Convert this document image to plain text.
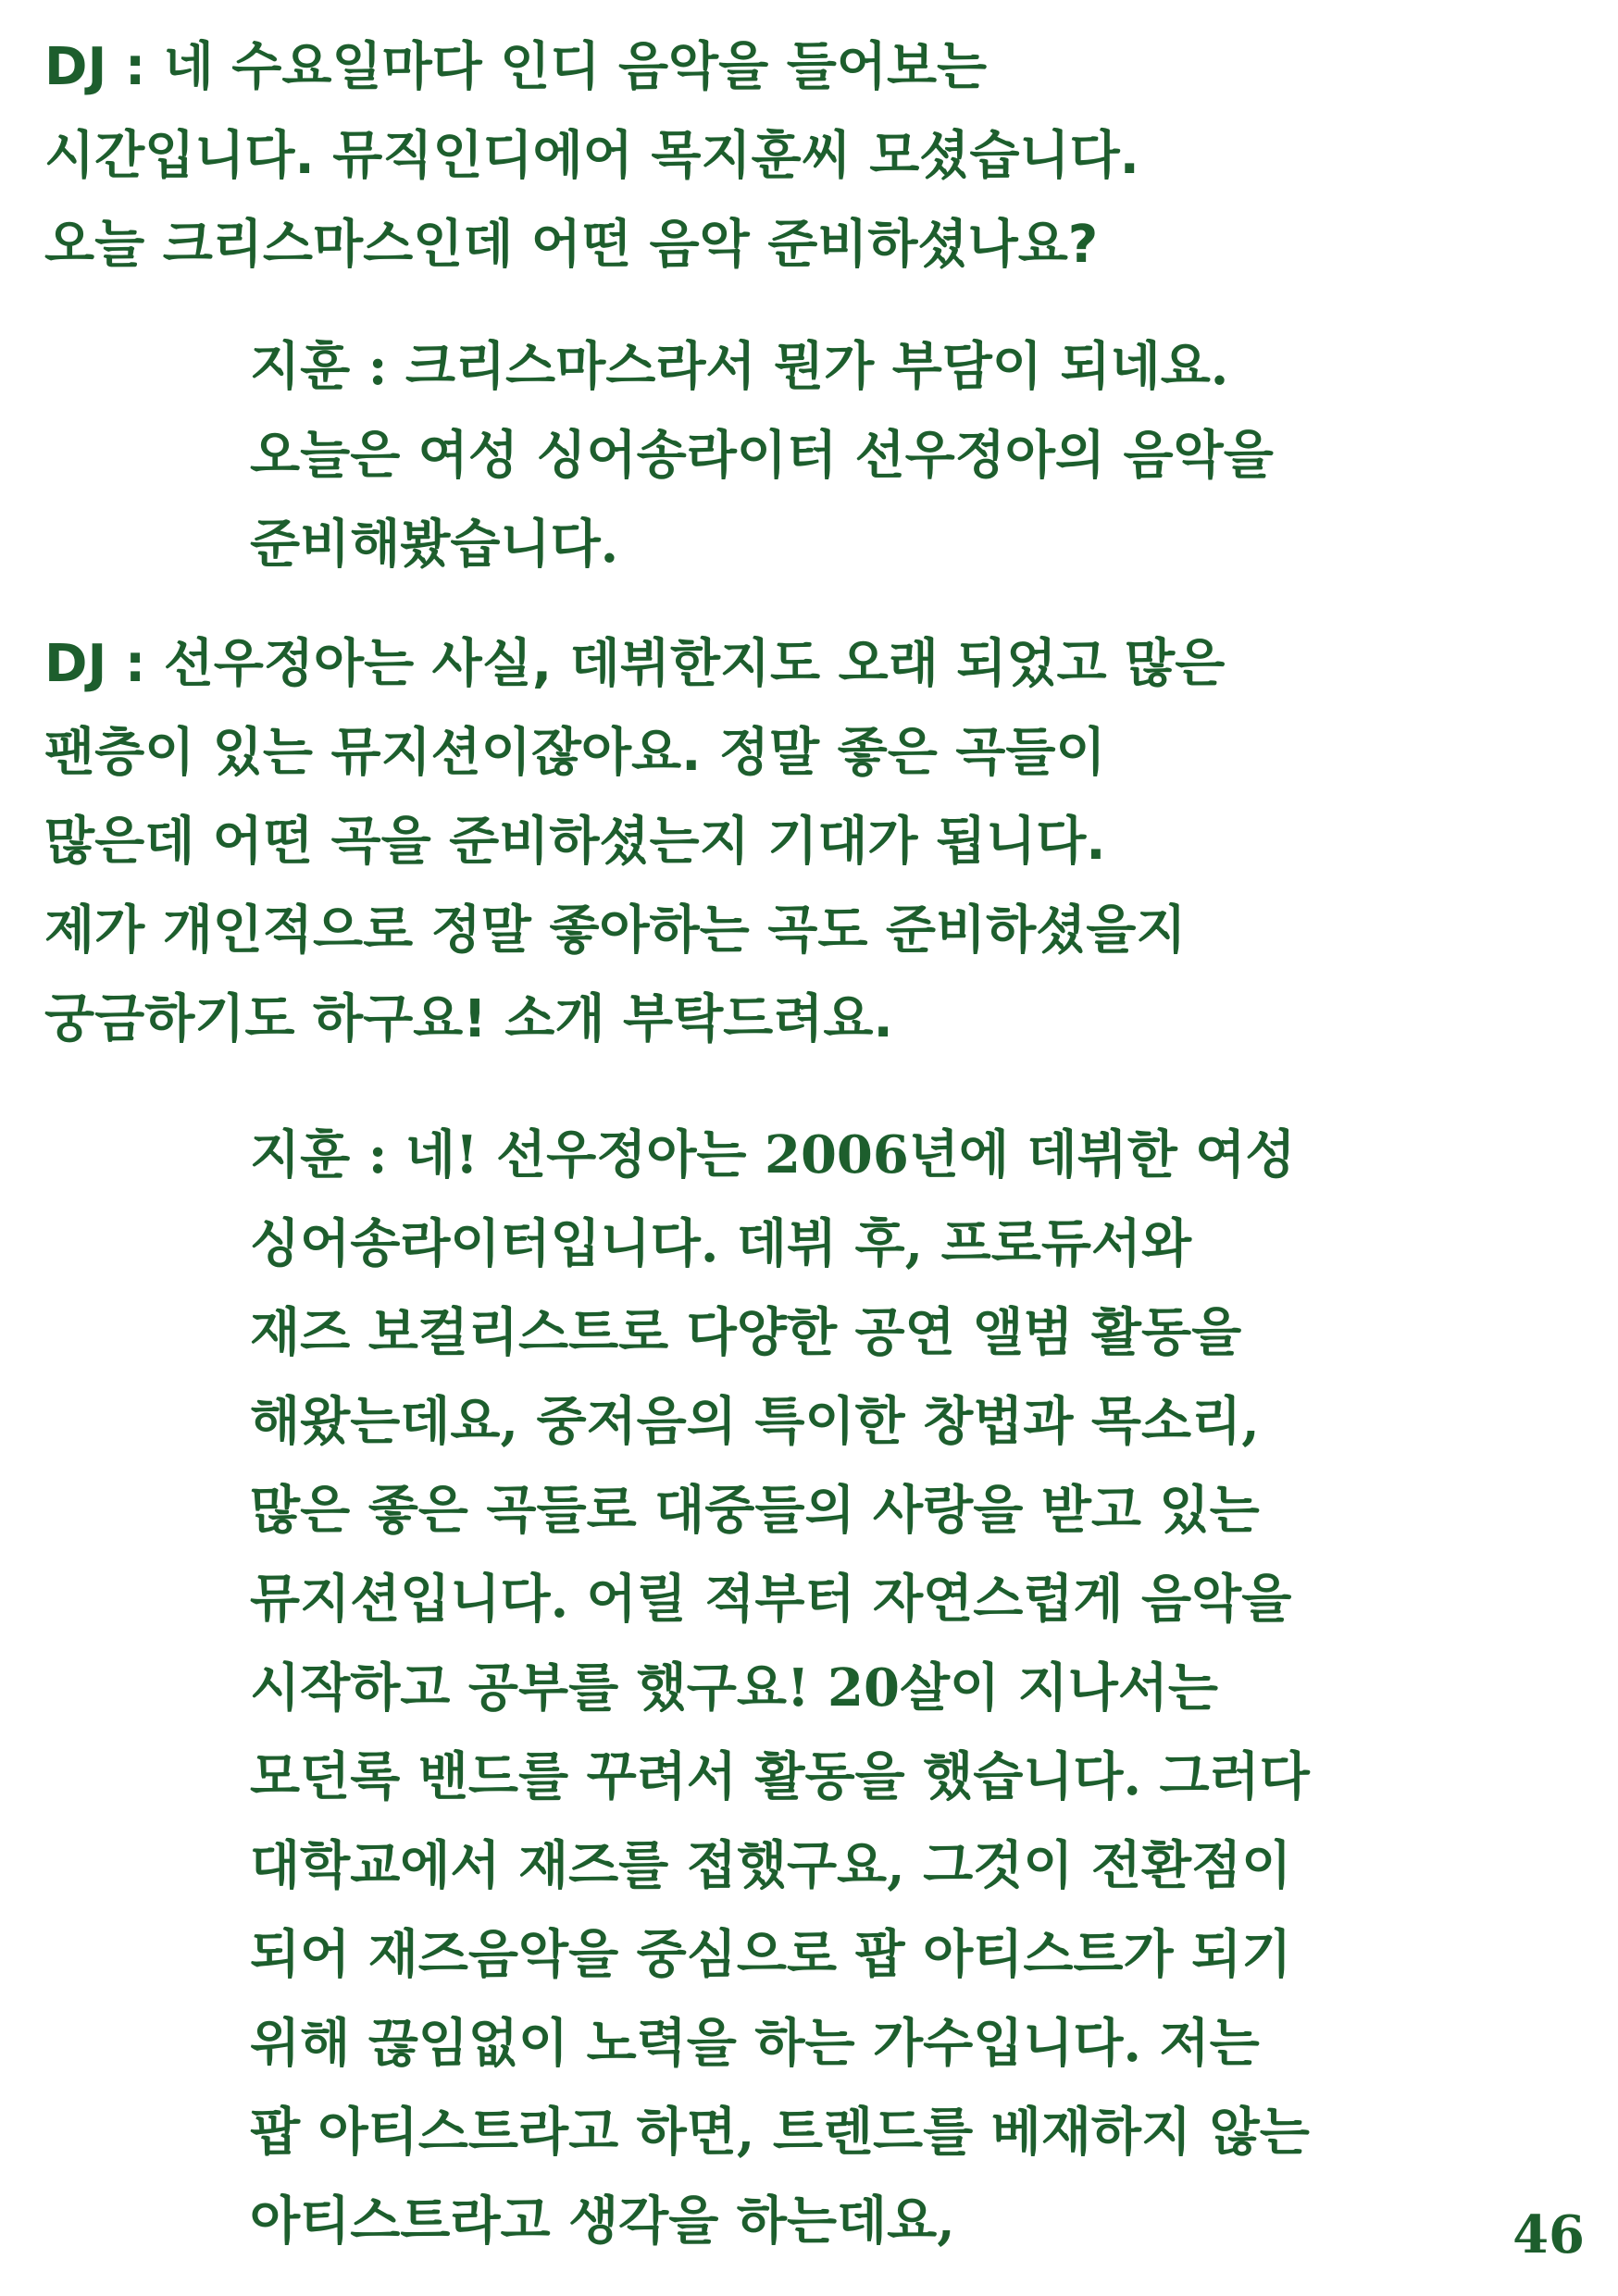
DJ : 네 수요일마다 인디 음악을 들어보는
시간입니다. 뮤직인디에어 목지훈씨 모셨습니다.
오늘 크리스마스인데 어떤 음악 준비하셨나요?

지훈 : 크리스마스라서 뭔가 부담이 되네요.
오늘은 여성 싱어송라이터 선우정아의 음악을
준비해봤습니다.

DJ : 선우정아는 사실, 데뷔한지도 오래 되었고 많은
팬층이 있는 뮤지션이잖아요. 정말 좋은 곡들이
많은데 어떤 곡을 준비하셨는지 기대가 됩니다.
제가 개인적으로 정말 좋아하는 곡도 준비하셨을지
궁금하기도 하구요! 소개 부탁드려요.

지훈 : 네! 선우정아는 2006년에 데뷔한 여성
싱어송라이터입니다. 데뷔 후, 프로듀서와
재즈 보컬리스트로 다양한 공연 앨범 활동을
해왔는데요, 중저음의 특이한 창법과 목소리,
많은 좋은 곡들로 대중들의 사랑을 받고 있는
뮤지션입니다. 어릴 적부터 자연스럽게 음악을
시작하고 공부를 했구요! 20살이 지나서는
모던록 밴드를 꾸려서 활동을 했습니다. 그러다
대학교에서 재즈를 접했구요, 그것이 전환점이
되어 재즈음악을 중심으로 팝 아티스트가 되기
위해 끊임없이 노력을 하는 가수입니다. 저는
팝 아티스트라고 하면, 트렌드를 베재하지 않는
아티스트라고 생각을 하는데요,	46
